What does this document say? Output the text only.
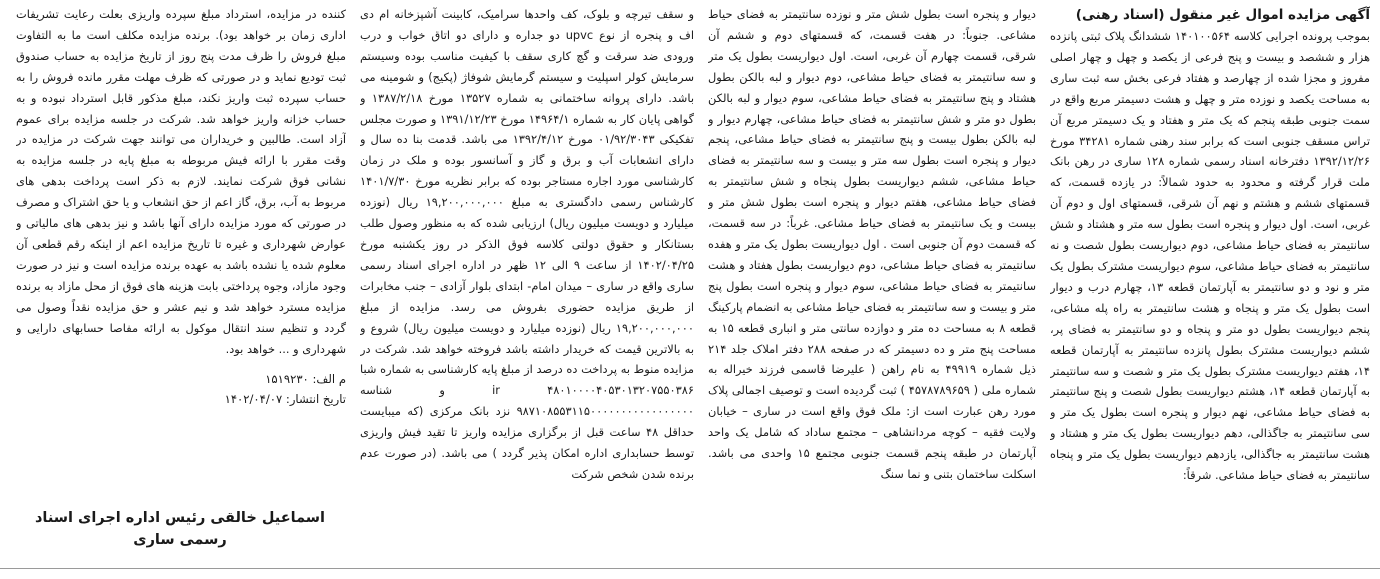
آگهی مزایده اموال غیر منقول (اسناد رهنی)

بموجب پرونده اجرایی کلاسه ۱۴۰۱۰۰۵۶۴ ششدانگ پلاک ثبتی پانزده هزار و ششصد و بیست و پنج فرعی از یکصد و چهل و چهار اصلی مفروز و مجزا شده از چهارصد و هفتاد فرعی بخش سه ثبت ساری به مساحت یکصد و نوزده متر و چهل و هشت دسیمتر مربع واقع در سمت جنوبی طبقه پنجم که یک متر و هفتاد و یک دسیمتر مربع آن تراس مسقف جنوبی است که برابر سند رهنی شماره ۳۴۲۸۱ مورخ ۱۳۹۲/۱۲/۲۶ دفترخانه اسناد رسمی شماره ۱۲۸ ساری در رهن بانک ملت قرار گرفته و محدود به حدود شمالاً: در یازده قسمت، که قسمتهای ششم و هشتم و نهم آن شرقی، قسمتهای اول و دوم آن غربی، است. اول دیوار و پنجره است بطول سه متر و هشتاد و شش سانتیمتر به فضای حیاط مشاعی، دوم دیواریست بطول شصت و نه سانتیمتر به فضای حیاط مشاعی، سوم دیواریست مشترک بطول یک متر و نود و دو سانتیمتر به آپارتمان قطعه ۱۳، چهارم درب و دیوار است بطول یک متر و پنجاه و هشت سانتیمتر به راه پله مشاعی، پنجم دیواریست بطول دو متر و پنجاه و دو سانتیمتر به فضای پر، ششم دیواریست مشترک بطول پانزده سانتیمتر به آپارتمان قطعه ۱۴، هفتم دیواریست مشترک بطول یک متر و شصت و سه سانتیمتر به آپارتمان قطعه ۱۴، هشتم دیواریست بطول شصت و پنج سانتیمتر به فضای حیاط مشاعی، نهم دیوار و پنجره است بطول یک متر و سی سانتیمتر به جاگذالی، دهم دیواریست بطول یک متر و هشتاد و هشت سانتیمتر به جاگذالی، یازدهم دیواریست بطول یک متر و پنجاه سانتیمتر به فضای حیاط مشاعی. شرقاً:

دیوار و پنجره است بطول شش متر و نوزده سانتیمتر به فضای حیاط مشاعی. جنوباً: در هفت قسمت، که قسمتهای دوم و ششم آن شرقی، قسمت چهارم آن غربی، است. اول دیواریست بطول یک متر و سه سانتیمتر به فضای حیاط مشاعی، دوم دیوار و لبه بالکن بطول هشتاد و پنج سانتیمتر به فضای حیاط مشاعی، سوم دیوار و لبه بالکن بطول دو متر و شش سانتیمتر به فضای حیاط مشاعی، چهارم دیوار و لبه بالکن بطول بیست و پنج سانتیمتر به فضای حیاط مشاعی، پنجم دیوار و پنجره است بطول سه متر و بیست و سه سانتیمتر به فضای حیاط مشاعی، ششم دیواریست بطول پنجاه و شش سانتیمتر به فضای حیاط مشاعی، هفتم دیوار و پنجره است بطول شش متر و بیست و یک سانتیمتر به فضای حیاط مشاعی. غرباً: در سه قسمت، که قسمت دوم آن جنوبی است . اول دیواریست بطول یک متر و هفده سانتیمتر به فضای حیاط مشاعی، دوم دیواریست بطول هفتاد و هشت سانتیمتر به فضای حیاط مشاعی، سوم دیوار و پنجره است بطول پنج متر و بیست و سه سانتیمتر به فضای حیاط مشاعی به انضمام پارکینگ قطعه ۸ به مساحت ده متر و دوازده سانتی متر و انباری قطعه ۱۵ به مساحت پنج متر و ده دسیمتر که در صفحه ۲۸۸ دفتر املاک جلد ۲۱۴ ذیل شماره ۴۹۹۱۹ به نام راهن ( علیرضا قاسمی فرزند خیراله به شماره ملی ( ۴۵۷۸۷۸۹۶۵۹ ) ثبت گردیده است و توصیف اجمالی پلاک مورد رهن عبارت است از: ملک فوق واقع است در ساری – خیابان ولایت فقیه – کوچه مردانشاهی – مجتمع ساداد که شامل یک واحد آپارتمان در طبقه پنجم قسمت جنوبی مجتمع ۱۵ واحدی می باشد. اسکلت ساختمان بتنی و نما سنگ

و سقف تیرچه و بلوک، کف واحدها سرامیک، کابینت آشپزخانه ام دی اف و پنجره از نوع upvc دو جداره و دارای دو اتاق خواب و درب ورودی ضد سرقت و گچ کاری سقف با کیفیت مناسب بوده وسیستم سرمایش کولر اسپلیت و سیستم گرمایش شوفاژ (پکیج) و شومینه می باشد. دارای پروانه ساختمانی به شماره ۱۳۵۲۷ مورخ ۱۳۸۷/۲/۱۸ و گواهی پایان کار به شماره ۱۴۹۶۴/۱ مورخ ۱۳۹۱/۱۲/۲۳ و صورت مجلس تفکیکی ۰۱/۹۲/۳۰۴۳ مورخ ۱۳۹۲/۴/۱۲ می باشد. قدمت بنا ده سال و دارای انشعابات آب و برق و گاز و آسانسور بوده و ملک در زمان کارشناسی مورد اجاره مستاجر بوده که برابر نظریه مورخ ۱۴۰۱/۷/۳۰ کارشناس رسمی دادگستری به مبلغ ۱۹,۲۰۰,۰۰۰,۰۰۰ ریال (نوزده میلیارد و دویست میلیون ریال) ارزیابی شده که به منظور وصول طلب بستانکار و حقوق دولتی کلاسه فوق الذکر در روز یکشنبه مورخ ۱۴۰۲/۰۴/۲۵ از ساعت ۹ الی ۱۲ ظهر در اداره اجرای اسناد رسمی ساری واقع در ساری – میدان امام- ابتدای بلوار آزادی – جنب مخابرات از طریق مزایده حضوری بفروش می رسد. مزایده از مبلغ ۱۹,۲۰۰,۰۰۰,۰۰۰ ریال (نوزده میلیارد و دویست میلیون ریال) شروع و به بالاترین قیمت که خریدار داشته باشد فروخته خواهد شد. شرکت در مزایده منوط به پرداخت ده درصد از مبلغ پایه کارشناسی به شماره شبا ۴۸۰۱۰۰۰۰۴۰۵۳۰۱۳۲۰۷۵۵۰۳۸۶ ir و شناسه ۹۸۷۱۰۸۵۵۳۱۱۵۰۰۰۰۰۰۰۰۰۰۰۰۰۰۰۰۰ نزد بانک مرکزی (که میبایست حداقل ۴۸ ساعت قبل از برگزاری مزایده واریز تا تقید فیش واریزی توسط حسابداری اداره امکان پذیر گردد ) می باشد. (در صورت عدم برنده شدن شخص شرکت

کننده در مزایده، استرداد مبلغ سپرده واریزی بعلت رعایت تشریفات اداری زمان بر خواهد بود). برنده مزایده مکلف است ما به التفاوت مبلغ فروش را ظرف مدت پنج روز از تاریخ مزایده به حساب صندوق ثبت تودیع نماید و در صورتی که ظرف مهلت مقرر مانده فروش را به حساب سپرده ثبت واریز نکند، مبلغ مذکور قابل استرداد نبوده و به حساب خزانه واریز خواهد شد. شرکت در جلسه مزایده برای عموم آزاد است. طالبین و خریداران می توانند جهت شرکت در مزایده در وقت مقرر با ارائه فیش مربوطه به مبلغ پایه در جلسه مزایده به نشانی فوق شرکت نمایند. لازم به ذکر است پرداخت بدهی های مربوط به آب، برق، گاز اعم از حق انشعاب و یا حق اشتراک و مصرف در صورتی که مورد مزایده دارای آنها باشد و نیز بدهی های مالیاتی و عوارض شهرداری و غیره تا تاریخ مزایده اعم از اینکه رقم قطعی آن معلوم شده یا نشده باشد به عهده برنده مزایده است و نیز در صورت وجود مازاد، وجوه پرداختی بابت هزینه های فوق از محل مازاد به برنده مزایده مسترد خواهد شد و نیم عشر و حق مزایده نقداً وصول می گردد و تنظیم سند انتقال موکول به ارائه مفاصا حسابهای دارایی و شهرداری و ... خواهد بود.

م الف: ۱۵۱۹۲۳۰
تاریخ انتشار: ۱۴۰۲/۰۴/۰۷
اسماعیل خالقی رئیس اداره اجرای اسناد رسمی ساری
